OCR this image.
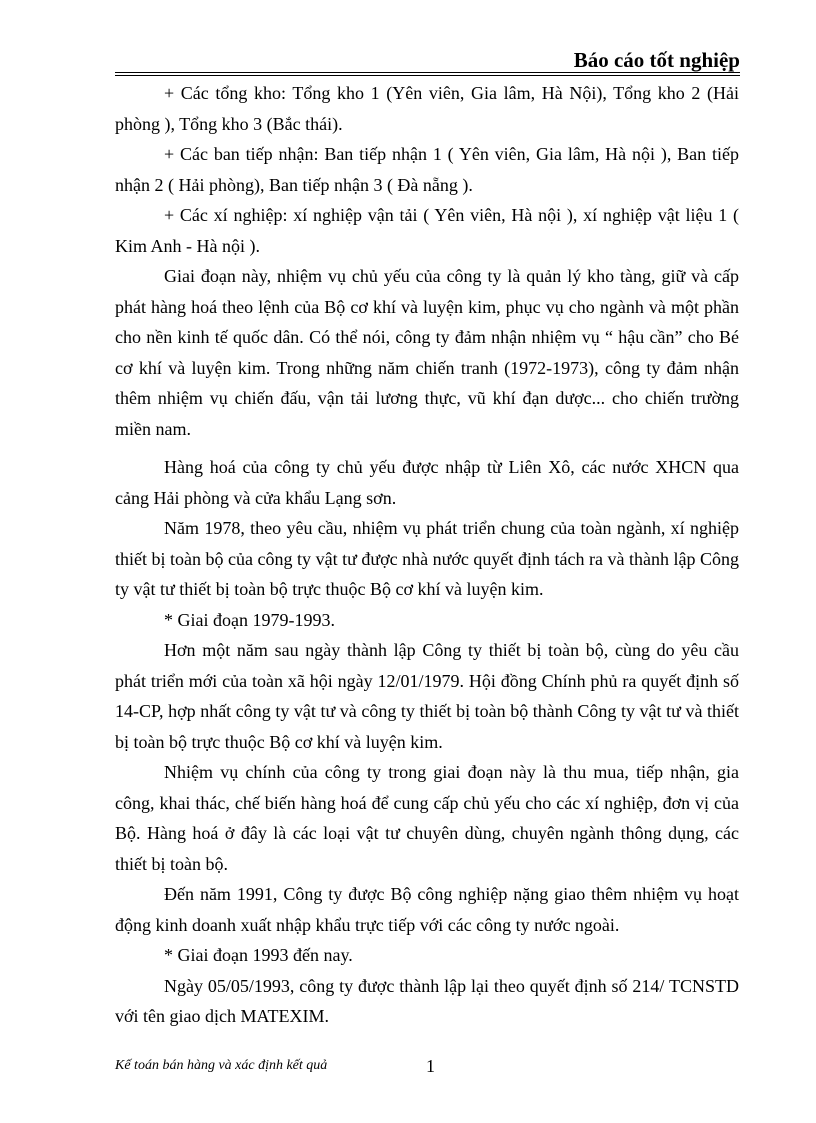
Báo cáo tốt nghiệp

+ Các tổng kho: Tổng kho 1 (Yên viên, Gia lâm, Hà Nội), Tổng kho 2 (Hải phòng ), Tổng kho 3 (Bắc thái).

+ Các ban tiếp nhận: Ban tiếp nhận 1 ( Yên viên, Gia lâm, Hà nội ), Ban tiếp nhận 2 ( Hải phòng), Ban tiếp nhận 3 ( Đà nẵng ).

+ Các xí nghiệp: xí nghiệp vận tải ( Yên viên, Hà nội ), xí nghiệp vật liệu 1 ( Kim Anh - Hà nội ).

Giai đoạn này, nhiệm vụ chủ yếu của công ty là quản lý kho tàng, giữ và cấp phát hàng hoá theo lệnh của Bộ cơ khí và luyện kim, phục vụ cho ngành và một phần cho nền kinh tế quốc dân. Có thể nói, công ty đảm nhận nhiệm vụ “ hậu cần” cho Bé cơ khí và luyện kim. Trong những năm chiến tranh (1972-1973), công ty đảm nhận thêm nhiệm vụ chiến đấu, vận tải lương thực, vũ khí đạn dược... cho chiến trường miền nam.

Hàng hoá của công ty chủ yếu được nhập từ Liên Xô, các nước XHCN qua cảng Hải phòng và cửa khẩu Lạng sơn.

Năm 1978, theo yêu cầu, nhiệm vụ phát triển chung của toàn ngành, xí nghiệp thiết bị toàn bộ của công ty vật tư được nhà nước quyết định tách ra và thành lập Công ty vật tư thiết bị toàn bộ trực thuộc Bộ cơ khí và luyện kim.

* Giai đoạn 1979-1993.

Hơn một năm sau ngày thành lập Công ty thiết bị toàn bộ, cùng do yêu cầu phát triển mới của toàn xã hội ngày 12/01/1979. Hội đồng Chính phủ ra quyết định số 14-CP, hợp nhất công ty vật tư và công ty thiết bị toàn bộ thành Công ty vật tư và thiết bị toàn bộ trực thuộc Bộ cơ khí và luyện kim.

Nhiệm vụ chính của công ty trong giai đoạn này là thu mua, tiếp nhận, gia công, khai thác, chế biến hàng hoá để cung cấp chủ yếu cho các xí nghiệp, đơn vị của Bộ. Hàng hoá ở đây là các loại vật tư chuyên dùng, chuyên ngành thông dụng, các thiết bị toàn bộ.

Đến năm 1991, Công ty được Bộ công nghiệp nặng giao thêm nhiệm vụ hoạt động kinh doanh xuất nhập khẩu trực tiếp với các công ty nước ngoài.

* Giai đoạn 1993 đến nay.

Ngày 05/05/1993, công ty được thành lập lại theo quyết định số 214/ TCNSTD với tên giao dịch MATEXIM.

Kế toán bán hàng và xác định kết quả	1
